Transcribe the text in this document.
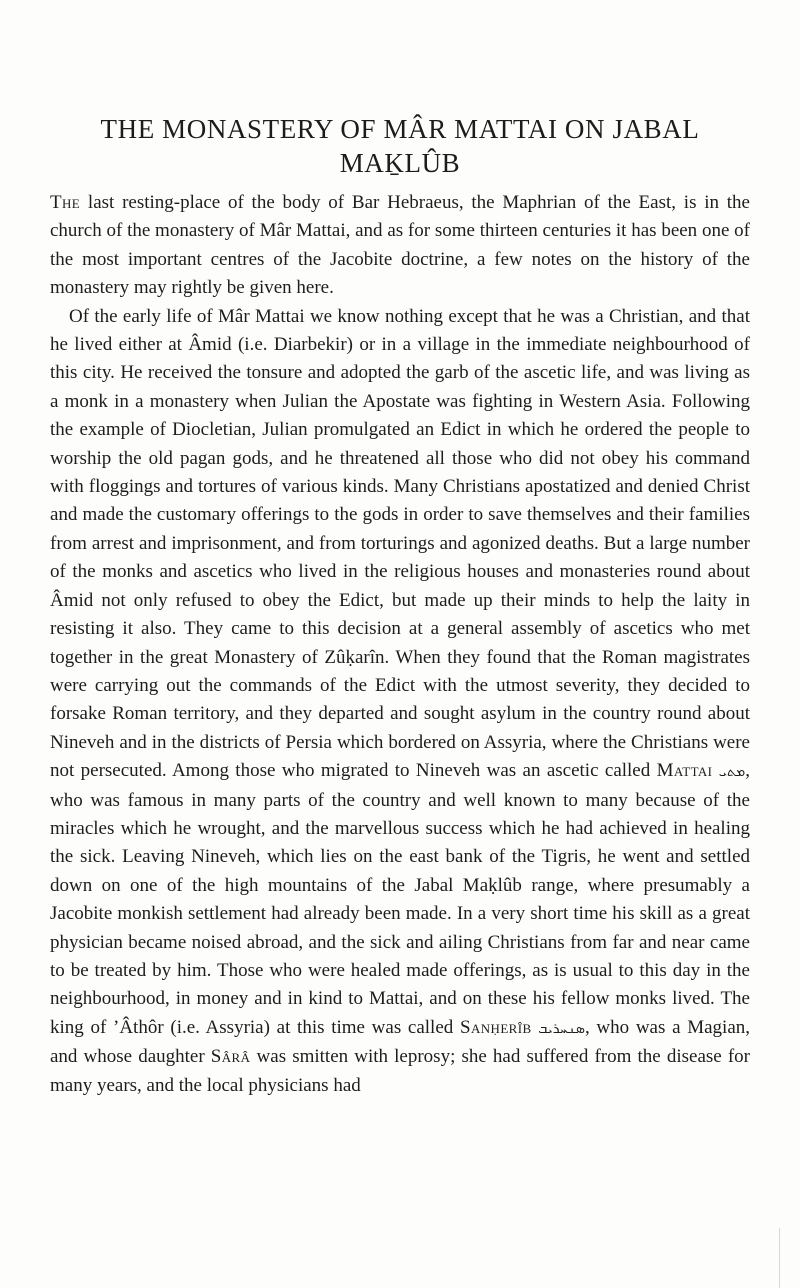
THE MONASTERY OF MÂR MATTAI ON JABAL
MAḴLÛB

The last resting-place of the body of Bar Hebraeus, the Maphrian of the East, is in the church of the monastery of Mâr Mattai, and as for some thirteen centuries it has been one of the most important centres of the Jacobite doctrine, a few notes on the history of the monastery may rightly be given here.

 Of the early life of Mâr Mattai we know nothing except that he was a Christian, and that he lived either at Âmid (i.e. Diarbekir) or in a village in the immediate neighbourhood of this city. He received the tonsure and adopted the garb of the ascetic life, and was living as a monk in a monastery when Julian the Apostate was fighting in Western Asia. Following the example of Diocletian, Julian promulgated an Edict in which he ordered the people to worship the old pagan gods, and he threatened all those who did not obey his command with floggings and tortures of various kinds. Many Christians apostatized and denied Christ and made the customary offerings to the gods in order to save themselves and their families from arrest and imprisonment, and from torturings and agonized deaths. But a large number of the monks and ascetics who lived in the religious houses and monasteries round about Âmid not only refused to obey the Edict, but made up their minds to help the laity in resisting it also. They came to this decision at a general assembly of ascetics who met together in the great Monastery of Zûḳarîn. When they found that the Roman magistrates were carrying out the commands of the Edict with the utmost severity, they decided to forsake Roman territory, and they departed and sought asylum in the country round about Nineveh and in the districts of Persia which bordered on Assyria, where the Christians were not persecuted. Among those who migrated to Nineveh was an ascetic called Mattai ܡܬܝ, who was famous in many parts of the country and well known to many because of the miracles which he wrought, and the marvellous success which he had achieved in healing the sick. Leaving Nineveh, which lies on the east bank of the Tigris, he went and settled down on one of the high mountains of the Jabal Maḳlûb range, where presumably a Jacobite monkish settlement had already been made. In a very short time his skill as a great physician became noised abroad, and the sick and ailing Christians from far and near came to be treated by him. Those who were healed made offerings, as is usual to this day in the neighbourhood, in money and in kind to Mattai, and on these his fellow monks lived. The king of ’Âthôr (i.e. Assyria) at this time was called Sanḥerîb ܣܢܚܪܝܒ, who was a Magian, and whose daughter Sârâ was smitten with leprosy; she had suffered from the disease for many years, and the local physicians had
